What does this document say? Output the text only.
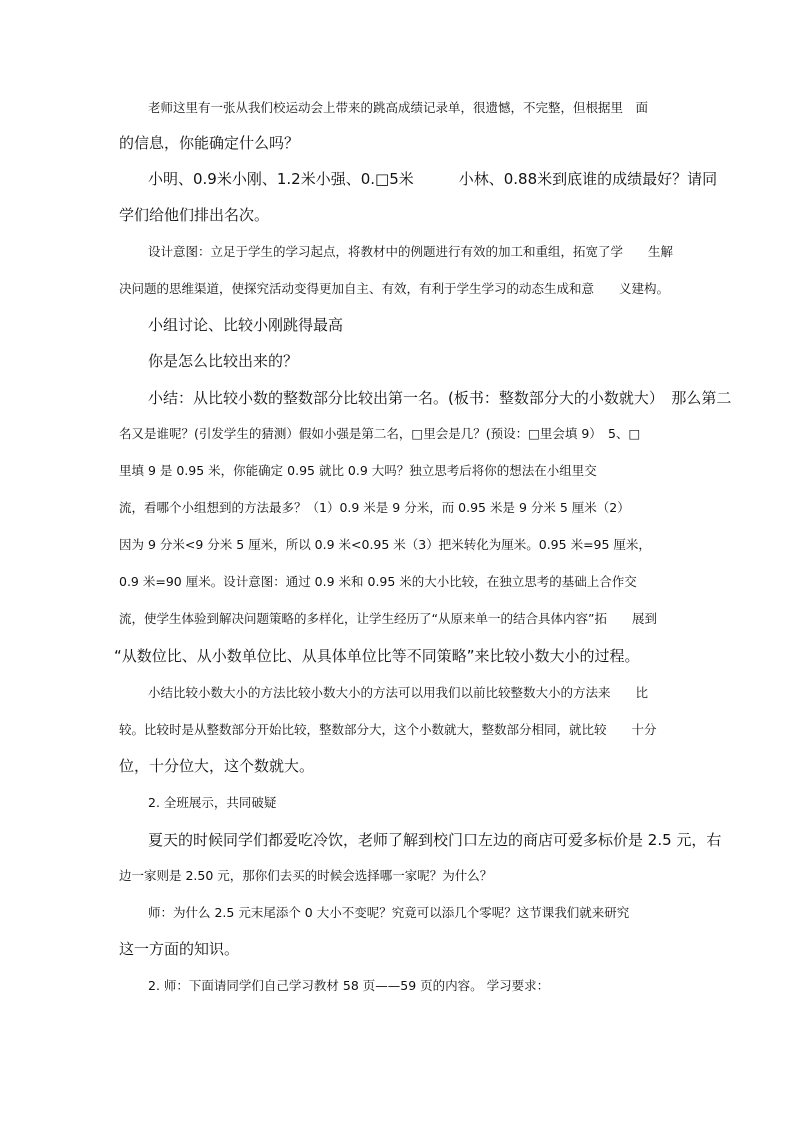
老师这里有一张从我们校运动会上带来的跳高成绩记录单，很遗憾，不完整，但根据里　面
的信息，你能确定什么吗？
小明、0.9米小刚、1.2米小强、0.□5米　　　小林、0.88米到底谁的成绩最好？请同
学们给他们排出名次。
设计意图：立足于学生的学习起点，将教材中的例题进行有效的加工和重组，拓宽了学　　生解
决问题的思维渠道，使探究活动变得更加自主、有效，有利于学生学习的动态生成和意　　义建构。
小组讨论、比较小刚跳得最高
你是怎么比较出来的？
小结：从比较小数的整数部分比较出第一名。(板书：整数部分大的小数就大）　那么第二
名又是谁呢？(引发学生的猜测）假如小强是第二名，□里会是几？(预设：□里会填 9）　5、□
里填 9 是 0.95 米，你能确定 0.95 就比 0.9 大吗？独立思考后将你的想法在小组里交
流，看哪个小组想到的方法最多？（1）0.9 米是 9 分米，而 0.95 米是 9 分米 5 厘米（2）
因为 9 分米<9 分米 5 厘米，所以 0.9 米<0.95 米（3）把米转化为厘米。0.95 米=95 厘米，
0.9 米=90 厘米。设计意图：通过 0.9 米和 0.95 米的大小比较，在独立思考的基础上合作交
流，使学生体验到解决问题策略的多样化，让学生经历了“从原来单一的结合具体内容”拓　　展到
“从数位比、从小数单位比、从具体单位比等不同策略”来比较小数大小的过程。
小结比较小数大小的方法比较小数大小的方法可以用我们以前比较整数大小的方法来　　比
较。比较时是从整数部分开始比较，整数部分大，这个小数就大，整数部分相同，就比较　　十分
位，十分位大，这个数就大。
2. 全班展示，共同破疑
夏天的时候同学们都爱吃冷饮，老师了解到校门口左边的商店可爱多标价是 2.5 元，右
边一家则是 2.50 元，那你们去买的时候会选择哪一家呢？为什么？
师：为什么 2.5 元末尾添个 0 大小不变呢？究竟可以添几个零呢？这节课我们就来研究
这一方面的知识。
2. 师：下面请同学们自己学习教材 58 页——59 页的内容。 学习要求：
